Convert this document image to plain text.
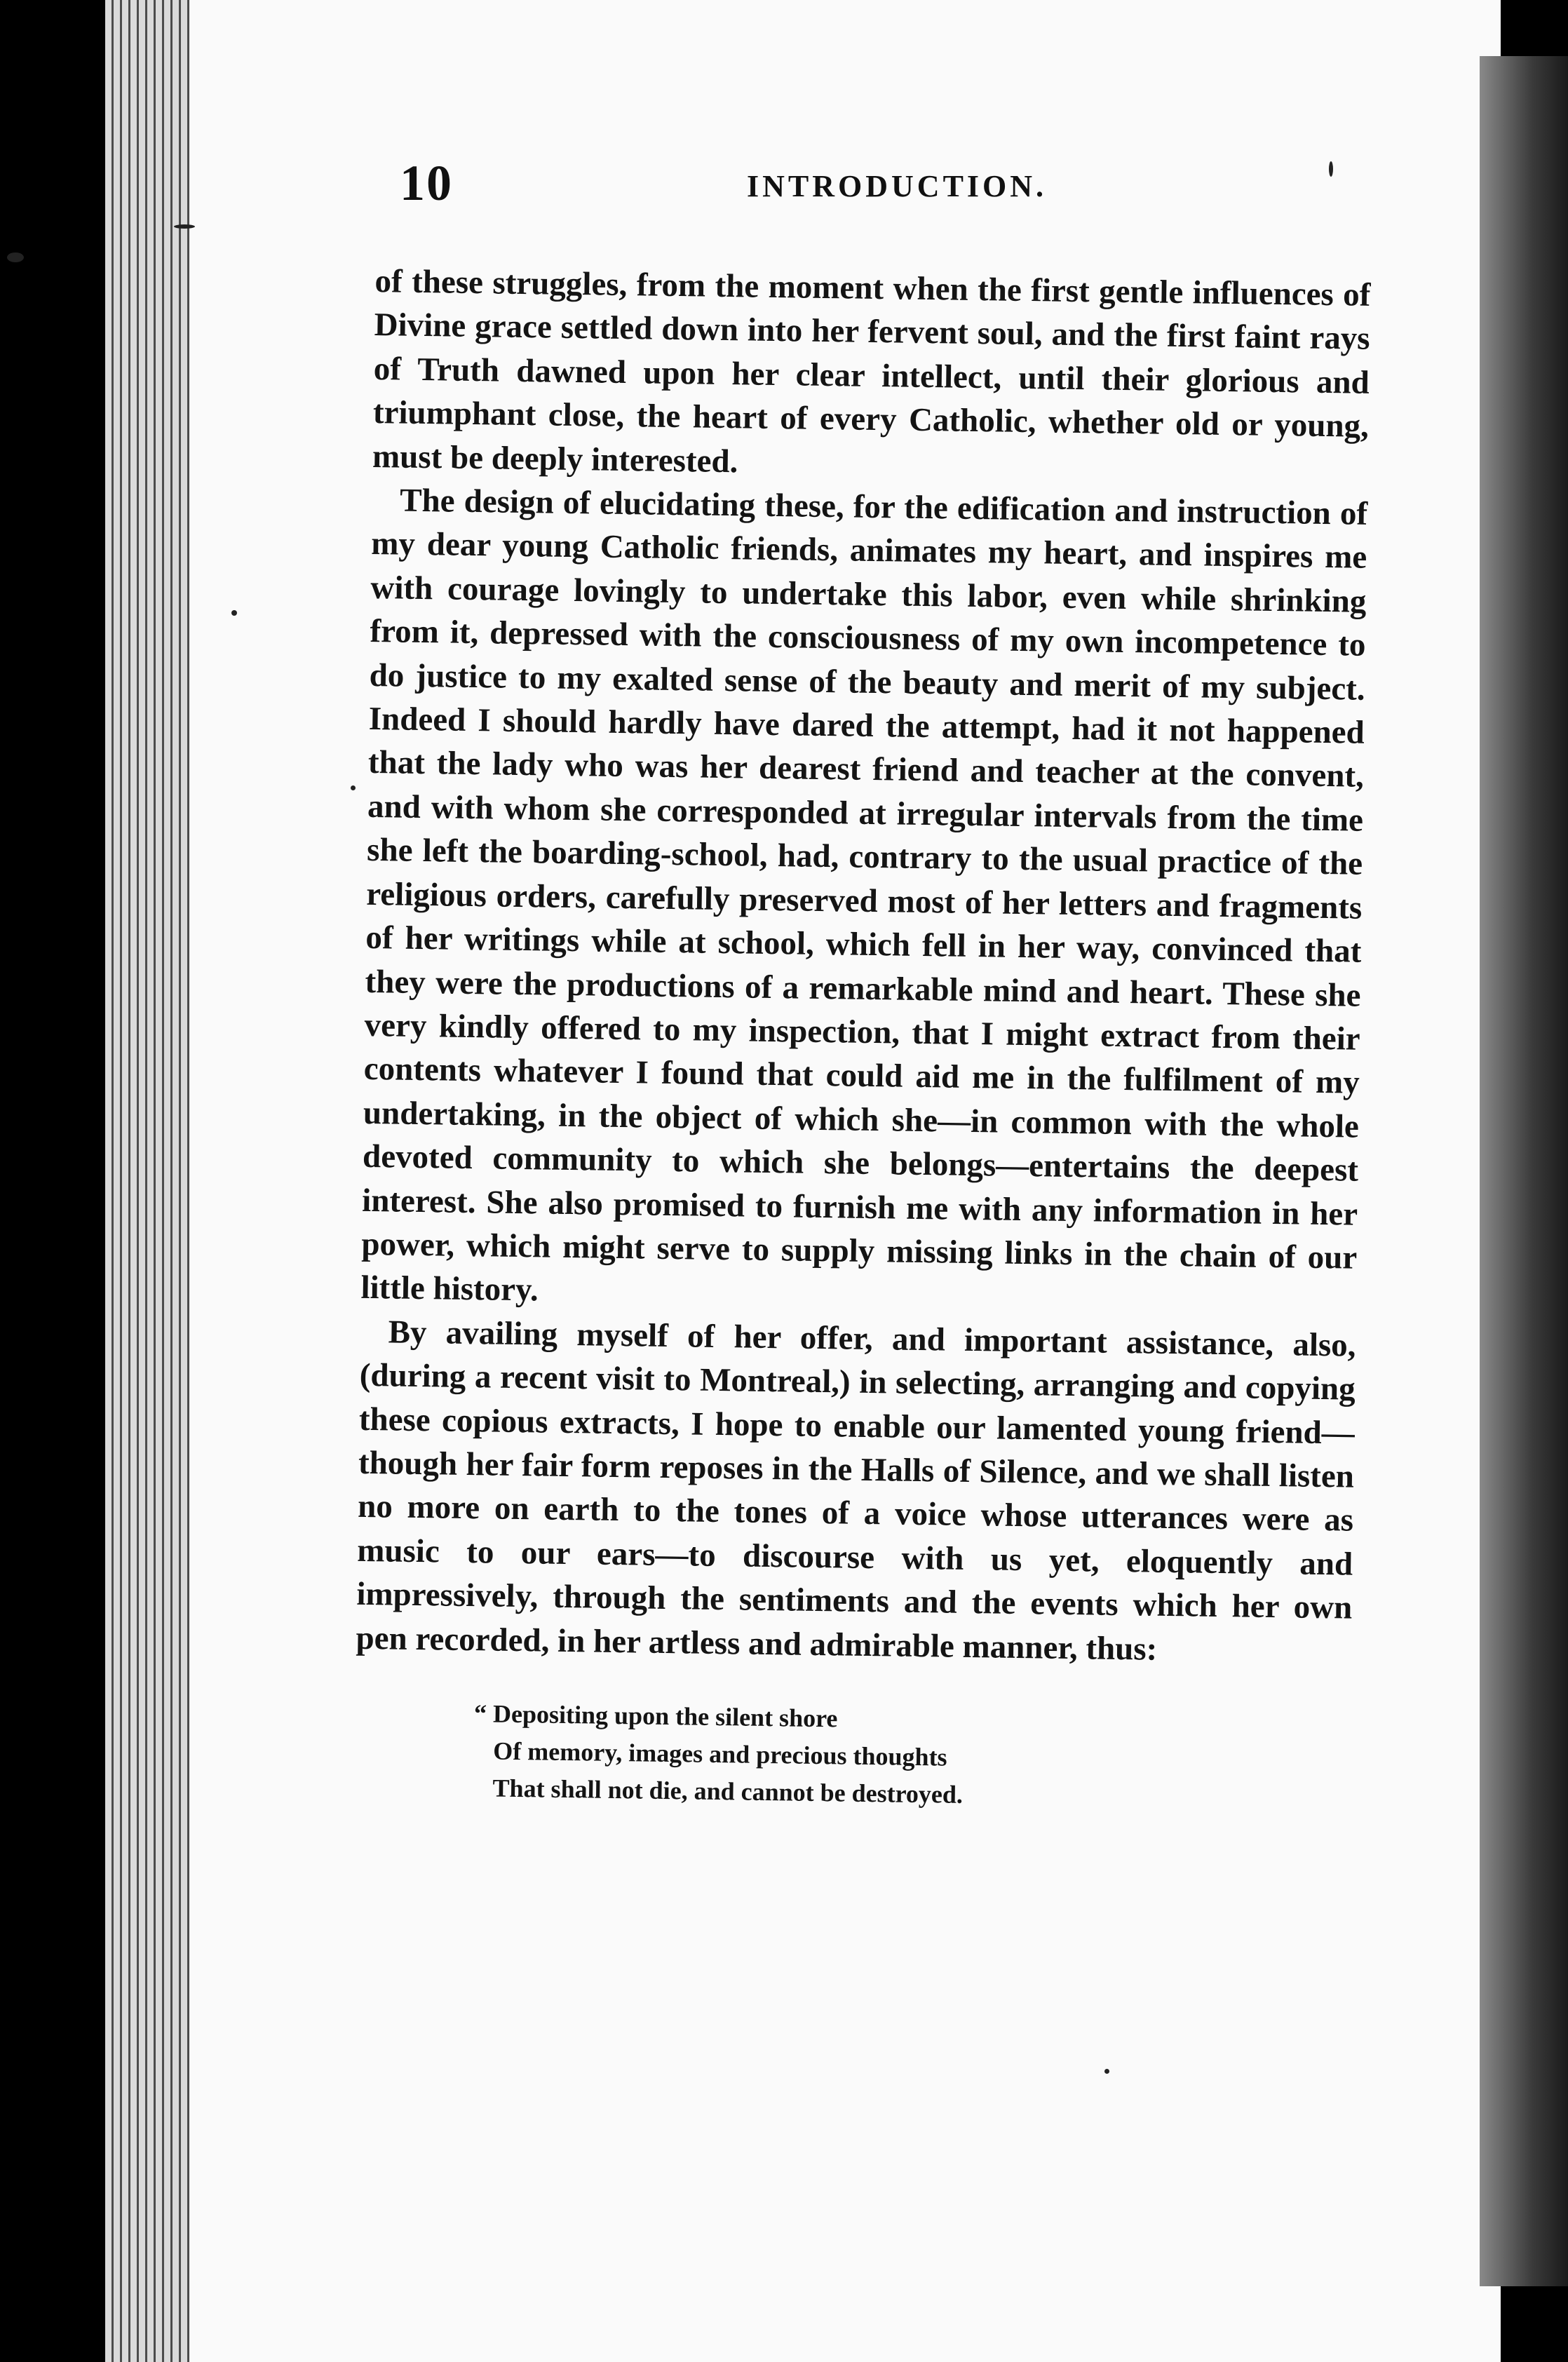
10	INTRODUCTION.

of these struggles, from the moment when the first gentle influences of Divine grace settled down into her fervent soul, and the first faint rays of Truth dawned upon her clear intellect, until their glorious and triumphant close, the heart of every Catholic, whether old or young, must be deeply interested.

The design of elucidating these, for the edification and instruction of my dear young Catholic friends, animates my heart, and inspires me with courage lovingly to undertake this labor, even while shrinking from it, depressed with the consciousness of my own incompetence to do justice to my exalted sense of the beauty and merit of my subject. Indeed I should hardly have dared the attempt, had it not happened that the lady who was her dearest friend and teacher at the convent, and with whom she corresponded at irregular intervals from the time she left the boarding-school, had, contrary to the usual practice of the religious orders, carefully preserved most of her letters and fragments of her writings while at school, which fell in her way, convinced that they were the productions of a remarkable mind and heart. These she very kindly offered to my inspection, that I might extract from their contents whatever I found that could aid me in the fulfilment of my undertaking, in the object of which she—in common with the whole devoted community to which she belongs—entertains the deepest interest. She also promised to furnish me with any information in her power, which might serve to supply missing links in the chain of our little history.

By availing myself of her offer, and important assistance, also, (during a recent visit to Montreal,) in selecting, arranging and copying these copious extracts, I hope to enable our lamented young friend—though her fair form reposes in the Halls of Silence, and we shall listen no more on earth to the tones of a voice whose utterances were as music to our ears—to discourse with us yet, eloquently and impressively, through the sentiments and the events which her own pen recorded, in her artless and admirable manner, thus:

“ Depositing upon the silent shore
Of memory, images and precious thoughts
That shall not die, and cannot be destroyed.
